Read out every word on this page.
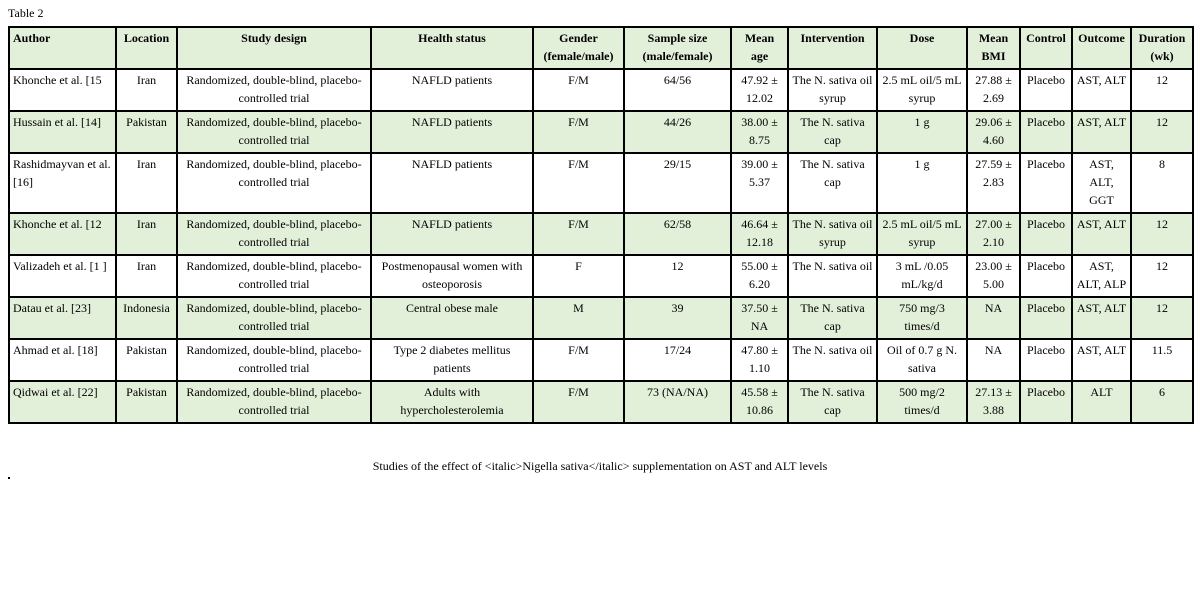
Table 2
Author	Location	Study design	Health status	Gender (female/male)	Sample size (male/female)	Mean age	Intervention	Dose	Mean BMI	Control	Outcome	Duration (wk)
Khonche et al. [15	Iran	Randomized, double-blind, placebo-controlled trial	NAFLD patients	F/M	64/56	47.92 ± 12.02	The N. sativa oil syrup	2.5 mL oil/5 mL syrup	27.88 ± 2.69	Placebo	AST, ALT	12
Hussain et al. [14]	Pakistan	Randomized, double-blind, placebo-controlled trial	NAFLD patients	F/M	44/26	38.00 ± 8.75	The N. sativa cap	1 g	29.06 ± 4.60	Placebo	AST, ALT	12
Rashidmayvan et al. [16]	Iran	Randomized, double-blind, placebo-controlled trial	NAFLD patients	F/M	29/15	39.00 ± 5.37	The N. sativa cap	1 g	27.59 ± 2.83	Placebo	AST, ALT, GGT	8
Khonche et al. [12	Iran	Randomized, double-blind, placebo-controlled trial	NAFLD patients	F/M	62/58	46.64 ± 12.18	The N. sativa oil syrup	2.5 mL oil/5 mL syrup	27.00 ± 2.10	Placebo	AST, ALT	12
Valizadeh et al. [1 ]	Iran	Randomized, double-blind, placebo-controlled trial	Postmenopausal women with osteoporosis	F	12	55.00 ± 6.20	The N. sativa oil	3 mL /0.05 mL/kg/d	23.00 ± 5.00	Placebo	AST, ALT, ALP	12
Datau et al. [23]	Indonesia	Randomized, double-blind, placebo-controlled trial	Central obese male	M	39	37.50 ± NA	The N. sativa cap	750 mg/3 times/d	NA	Placebo	AST, ALT	12
Ahmad et al. [18]	Pakistan	Randomized, double-blind, placebo-controlled trial	Type 2 diabetes mellitus patients	F/M	17/24	47.80 ± 1.10	The N. sativa oil	Oil of 0.7 g N. sativa	NA	Placebo	AST, ALT	11.5
Qidwai et al. [22]	Pakistan	Randomized, double-blind, placebo-controlled trial	Adults with hypercholesterolemia	F/M	73 (NA/NA)	45.58 ± 10.86	The N. sativa cap	500 mg/2 times/d	27.13 ± 3.88	Placebo	ALT	6
Studies of the effect of <italic>Nigella sativa</italic> supplementation on AST and ALT levels
